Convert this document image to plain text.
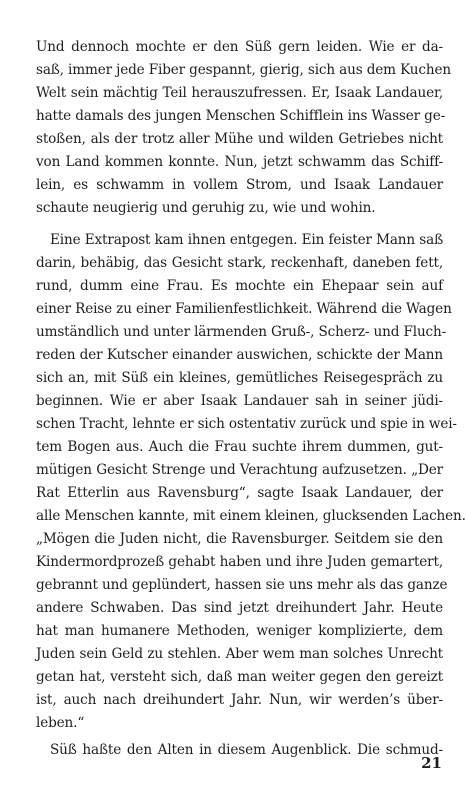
Und dennoch mochte er den Süß gern leiden. Wie er da-
saß, immer jede Fiber gespannt, gierig, sich aus dem Kuchen
Welt sein mächtig Teil herauszufressen. Er, Isaak Landauer,
hatte damals des jungen Menschen Schifflein ins Wasser ge-
stoßen, als der trotz aller Mühe und wilden Getriebes nicht
von Land kommen konnte. Nun, jetzt schwamm das Schiff-
lein, es schwamm in vollem Strom, und Isaak Landauer
schaute neugierig und geruhig zu, wie und wohin.
Eine Extrapost kam ihnen entgegen. Ein feister Mann saß
darin, behäbig, das Gesicht stark, reckenhaft, daneben fett,
rund, dumm eine Frau. Es mochte ein Ehepaar sein auf
einer Reise zu einer Familienfestlichkeit. Während die Wagen
umständlich und unter lärmenden Gruß-, Scherz- und Fluch-
reden der Kutscher einander auswichen, schickte der Mann
sich an, mit Süß ein kleines, gemütliches Reisegespräch zu
beginnen. Wie er aber Isaak Landauer sah in seiner jüdi-
schen Tracht, lehnte er sich ostentativ zurück und spie in wei-
tem Bogen aus. Auch die Frau suchte ihrem dummen, gut-
mütigen Gesicht Strenge und Verachtung aufzusetzen. „Der
Rat Etterlin aus Ravensburg“, sagte Isaak Landauer, der
alle Menschen kannte, mit einem kleinen, glucksenden Lachen.
„Mögen die Juden nicht, die Ravensburger. Seitdem sie den
Kindermordprozeß gehabt haben und ihre Juden gemartert,
gebrannt und geplündert, hassen sie uns mehr als das ganze
andere Schwaben. Das sind jetzt dreihundert Jahr. Heute
hat man humanere Methoden, weniger komplizierte, dem
Juden sein Geld zu stehlen. Aber wem man solches Unrecht
getan hat, versteht sich, daß man weiter gegen den gereizt
ist, auch nach dreihundert Jahr. Nun, wir werden’s über-
leben.“
Süß haßte den Alten in diesem Augenblick. Die schmud-
21
